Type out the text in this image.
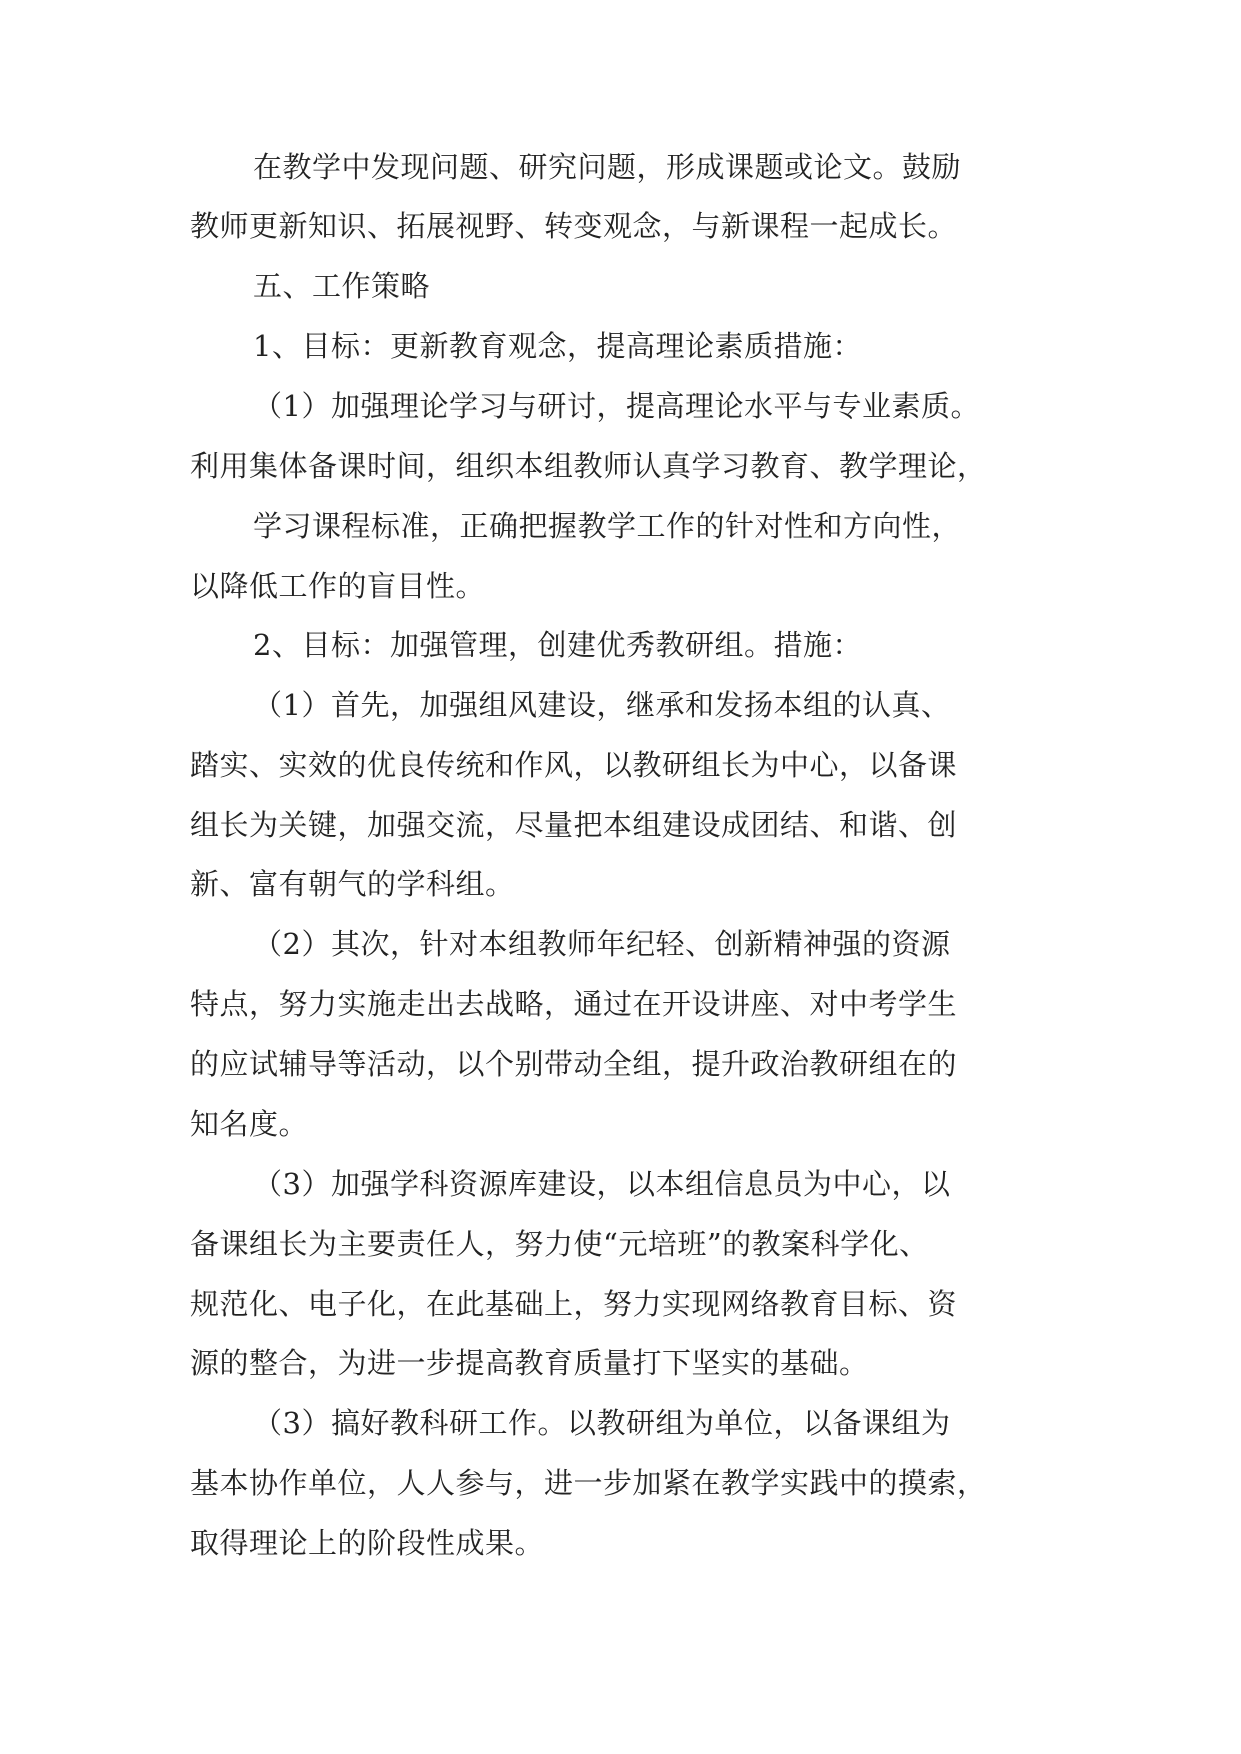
在教学中发现问题、研究问题，形成课题或论文。鼓励
教师更新知识、拓展视野、转变观念，与新课程一起成长。
五、工作策略
1、目标：更新教育观念，提高理论素质措施：
（1）加强理论学习与研讨，提高理论水平与专业素质。
利用集体备课时间，组织本组教师认真学习教育、教学理论，
学习课程标准，正确把握教学工作的针对性和方向性，
以降低工作的盲目性。
2、目标：加强管理，创建优秀教研组。措施：
（1）首先，加强组风建设，继承和发扬本组的认真、
踏实、实效的优良传统和作风，以教研组长为中心，以备课
组长为关键，加强交流，尽量把本组建设成团结、和谐、创
新、富有朝气的学科组。
（2）其次，针对本组教师年纪轻、创新精神强的资源
特点，努力实施走出去战略，通过在开设讲座、对中考学生
的应试辅导等活动，以个别带动全组，提升政治教研组在的
知名度。
（3）加强学科资源库建设，以本组信息员为中心，以
备课组长为主要责任人，努力使“元培班”的教案科学化、
规范化、电子化，在此基础上，努力实现网络教育目标、资
源的整合，为进一步提高教育质量打下坚实的基础。
（3）搞好教科研工作。以教研组为单位，以备课组为
基本协作单位，人人参与，进一步加紧在教学实践中的摸索，
取得理论上的阶段性成果。
